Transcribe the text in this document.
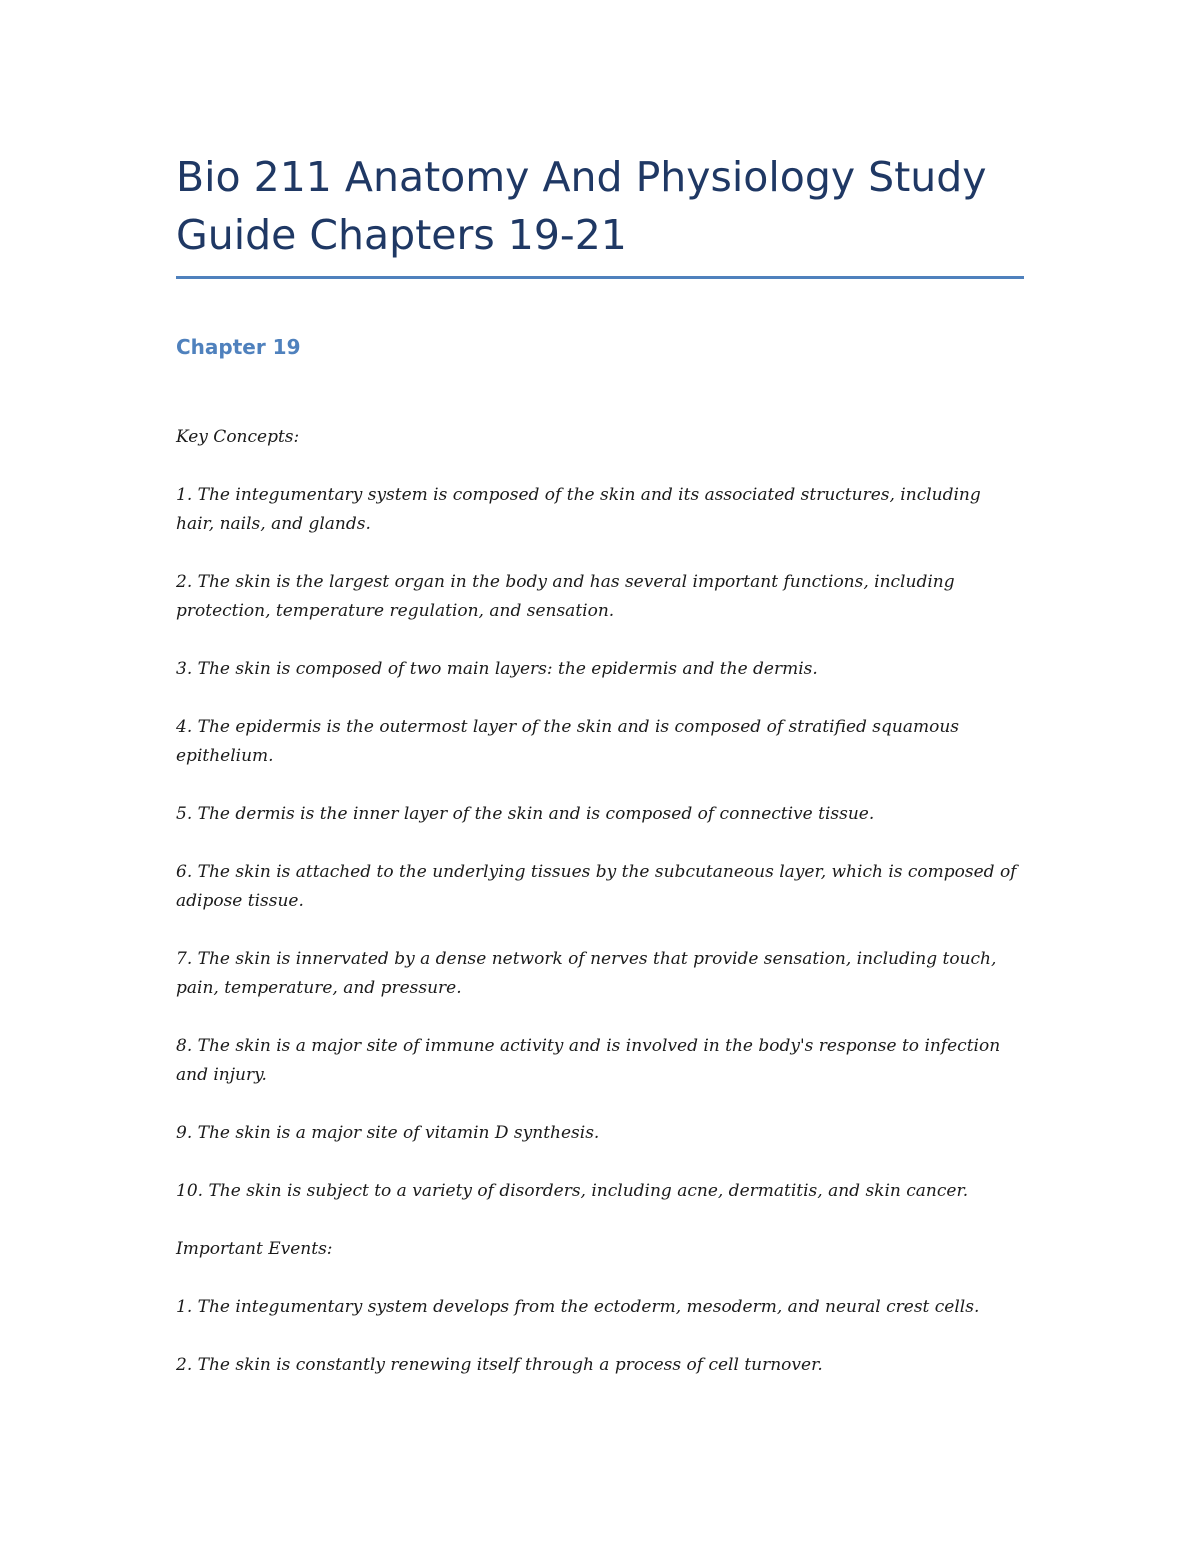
Bio 211 Anatomy And Physiology Study Guide Chapters 19-21
Chapter 19

Key Concepts:

1. The integumentary system is composed of the skin and its associated structures, including hair, nails, and glands.
2. The skin is the largest organ in the body and has several important functions, including protection, temperature regulation, and sensation.
3. The skin is composed of two main layers: the epidermis and the dermis.
4. The epidermis is the outermost layer of the skin and is composed of stratified squamous epithelium.
5. The dermis is the inner layer of the skin and is composed of connective tissue.
6. The skin is attached to the underlying tissues by the subcutaneous layer, which is composed of adipose tissue.
7. The skin is innervated by a dense network of nerves that provide sensation, including touch, pain, temperature, and pressure.
8. The skin is a major site of immune activity and is involved in the body's response to infection and injury.
9. The skin is a major site of vitamin D synthesis.
10. The skin is subject to a variety of disorders, including acne, dermatitis, and skin cancer.

Important Events:

1. The integumentary system develops from the ectoderm, mesoderm, and neural crest cells.
2. The skin is constantly renewing itself through a process of cell turnover.
